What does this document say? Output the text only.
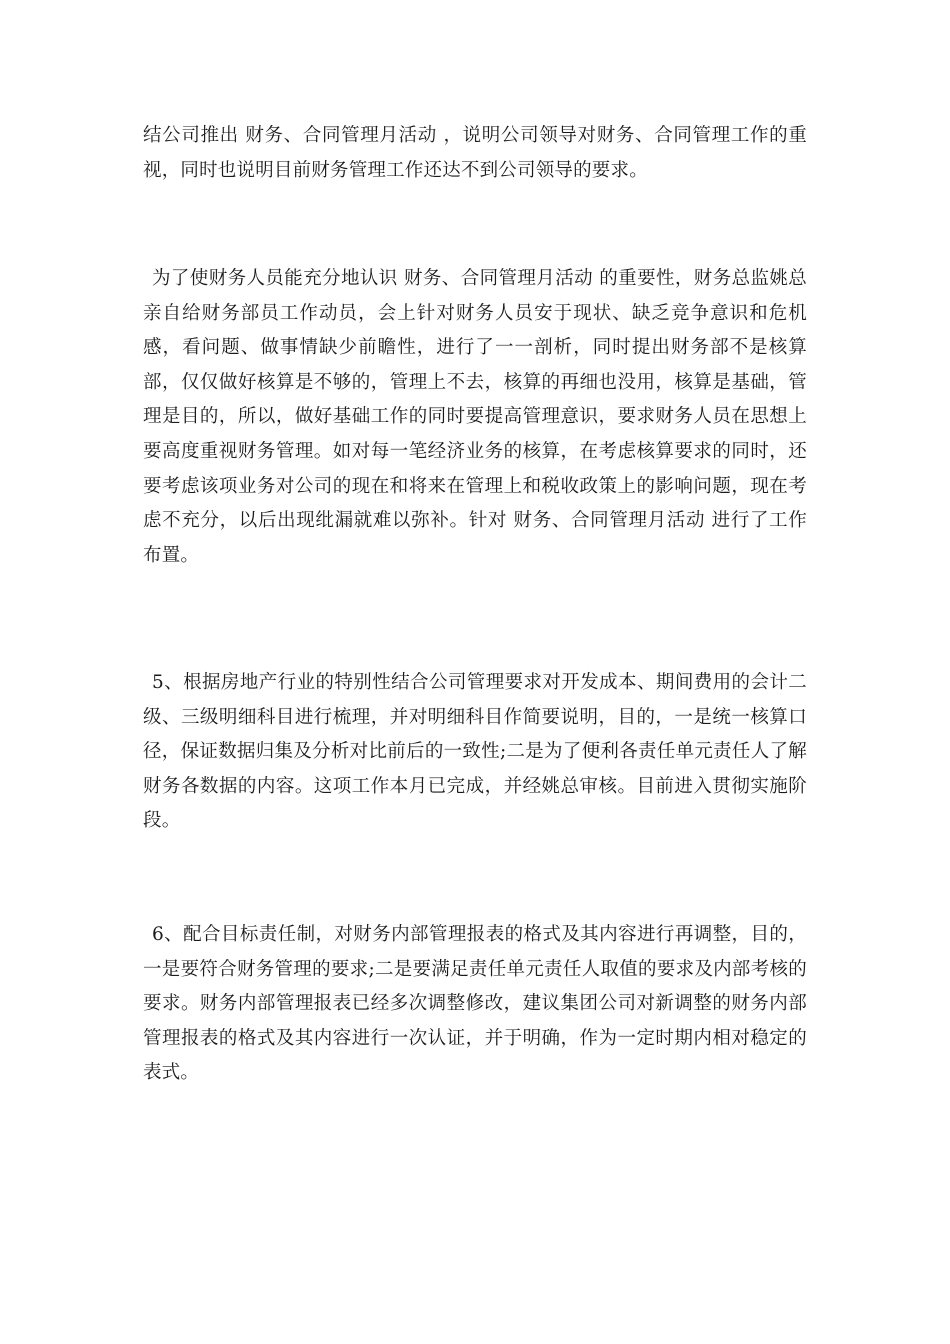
结公司推出 财务、合同管理月活动 ，说明公司领导对财务、合同管理工作的重视，同时也说明目前财务管理工作还达不到公司领导的要求。

为了使财务人员能充分地认识 财务、合同管理月活动 的重要性，财务总监姚总亲自给财务部员工作动员，会上针对财务人员安于现状、缺乏竞争意识和危机感，看问题、做事情缺少前瞻性，进行了一一剖析，同时提出财务部不是核算部，仅仅做好核算是不够的，管理上不去，核算的再细也没用，核算是基础，管理是目的，所以，做好基础工作的同时要提高管理意识，要求财务人员在思想上要高度重视财务管理。如对每一笔经济业务的核算，在考虑核算要求的同时，还要考虑该项业务对公司的现在和将来在管理上和税收政策上的影响问题，现在考虑不充分，以后出现纰漏就难以弥补。针对 财务、合同管理月活动 进行了工作布置。

5、根据房地产行业的特别性结合公司管理要求对开发成本、期间费用的会计二级、三级明细科目进行梳理，并对明细科目作简要说明，目的，一是统一核算口径，保证数据归集及分析对比前后的一致性;二是为了便利各责任单元责任人了解财务各数据的内容。这项工作本月已完成，并经姚总审核。目前进入贯彻实施阶段。

6、配合目标责任制，对财务内部管理报表的格式及其内容进行再调整，目的，一是要符合财务管理的要求;二是要满足责任单元责任人取值的要求及内部考核的要求。财务内部管理报表已经多次调整修改，建议集团公司对新调整的财务内部管理报表的格式及其内容进行一次认证，并于明确，作为一定时期内相对稳定的表式。
